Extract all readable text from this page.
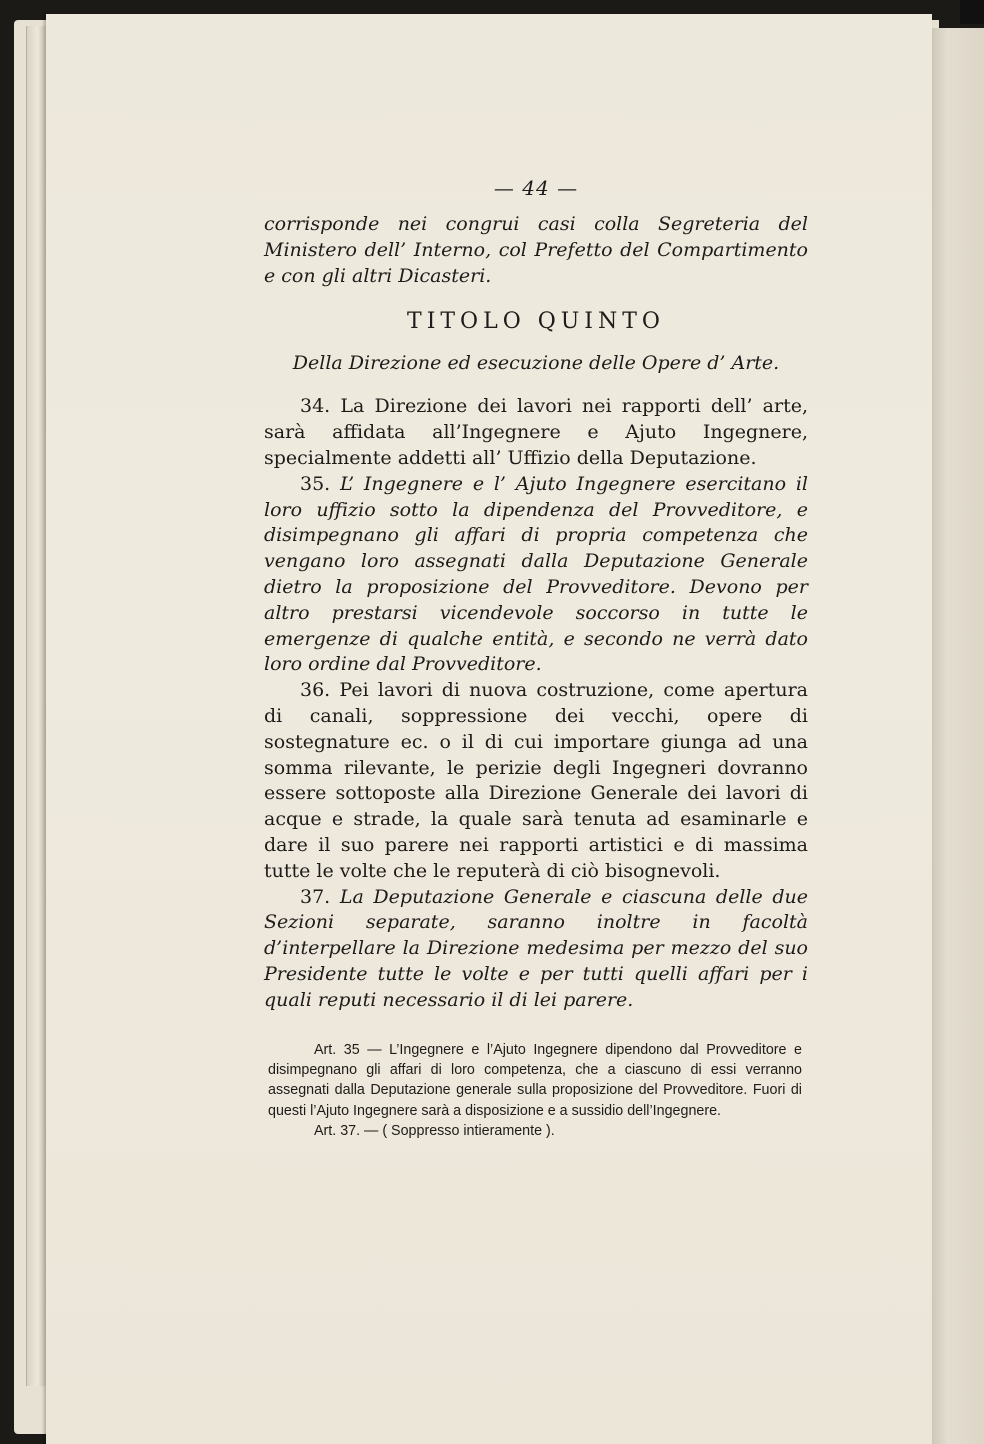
— 44 —

corrisponde nei congrui casi colla Segreteria del Ministero dell’ Interno, col Prefetto del Compartimento e con gli altri Dicasteri.

TITOLO QUINTO
Della Direzione ed esecuzione delle Opere d’ Arte.

34. La Direzione dei lavori nei rapporti dell’ arte, sarà affidata all’Ingegnere e Ajuto Ingegnere, specialmente addetti all’ Uffizio della Deputazione.

35. L’ Ingegnere e l’ Ajuto Ingegnere esercitano il loro uffizio sotto la dipendenza del Provveditore, e disimpegnano gli affari di propria competenza che vengano loro assegnati dalla Deputazione Generale dietro la proposizione del Provveditore. Devono per altro prestarsi vicendevole soccorso in tutte le emergenze di qualche entità, e secondo ne verrà dato loro ordine dal Provveditore.

36. Pei lavori di nuova costruzione, come apertura di canali, soppressione dei vecchi, opere di sostegnature ec. o il di cui importare giunga ad una somma rilevante, le perizie degli Ingegneri dovranno essere sottoposte alla Direzione Generale dei lavori di acque e strade, la quale sarà tenuta ad esaminarle e dare il suo parere nei rapporti artistici e di massima tutte le volte che le reputerà di ciò bisognevoli.

37. La Deputazione Generale e ciascuna delle due Sezioni separate, saranno inoltre in facoltà d’interpellare la Direzione medesima per mezzo del suo Presidente tutte le volte e per tutti quelli affari per i quali reputi necessario il di lei parere.

Art. 35 — L’Ingegnere e l’Ajuto Ingegnere dipendono dal Provveditore e disimpegnano gli affari di loro competenza, che a ciascuno di essi verranno assegnati dalla Deputazione generale sulla proposizione del Provveditore. Fuori di questi l’Ajuto Ingegnere sarà a disposizione e a sussidio dell’Ingegnere.

Art. 37. — ( Soppresso intieramente ).
